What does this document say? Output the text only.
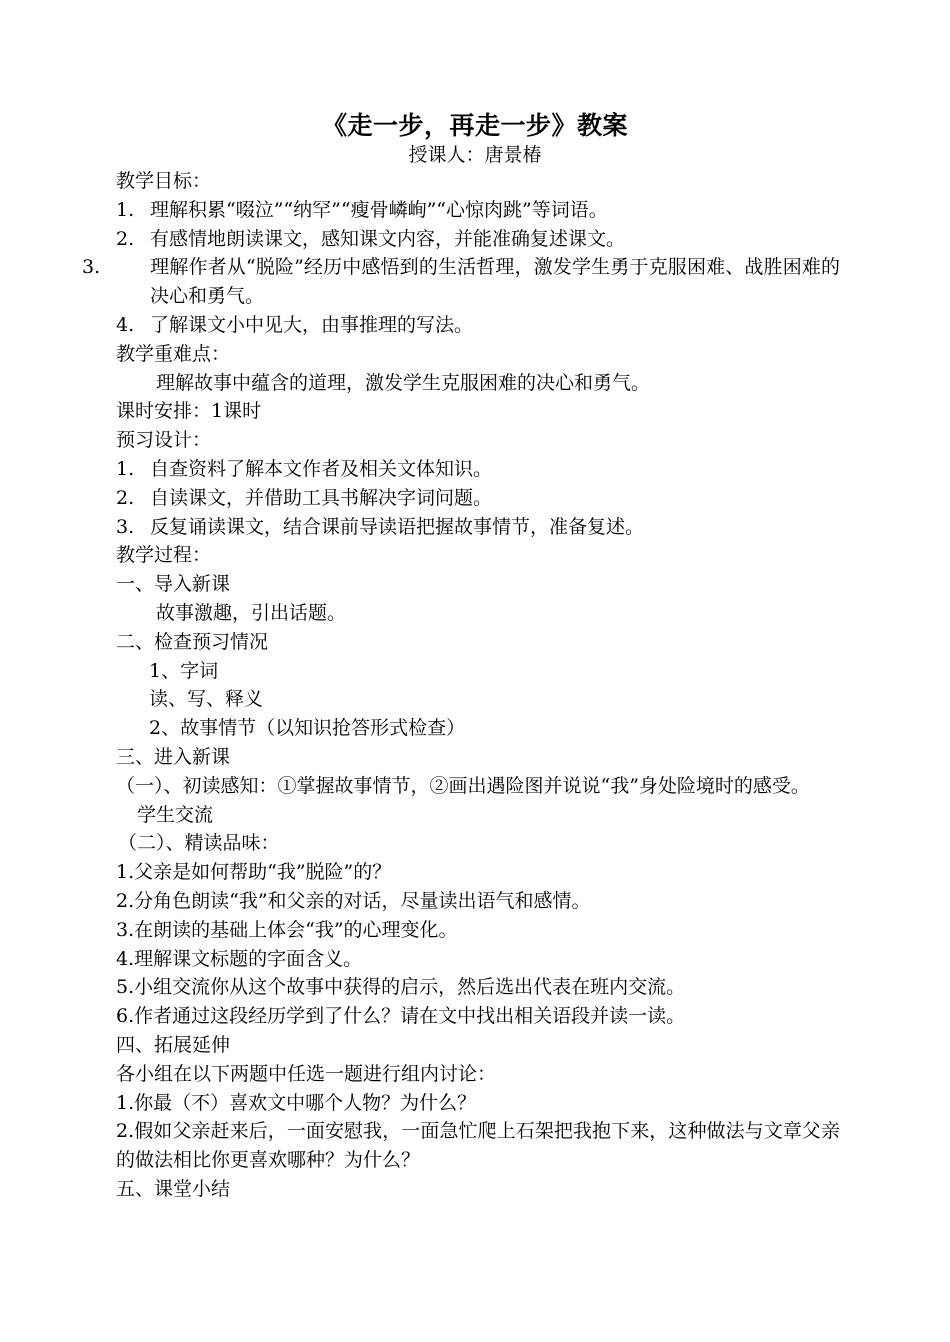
《走一步，再走一步》教案
授课人：唐景椿
教学目标：
1. 理解积累“啜泣”“纳罕”“瘦骨嶙峋”“心惊肉跳”等词语。
2. 有感情地朗读课文，感知课文内容，并能准确复述课文。
3.	理解作者从“脱险”经历中感悟到的生活哲理，激发学生勇于克服困难、战胜困难的决心和勇气。
4. 了解课文小中见大，由事推理的写法。
教学重难点：
理解故事中蕴含的道理，激发学生克服困难的决心和勇气。
课时安排：1课时
预习设计：
1. 自查资料了解本文作者及相关文体知识。
2. 自读课文，并借助工具书解决字词问题。
3. 反复诵读课文，结合课前导读语把握故事情节，准备复述。
教学过程：
一、导入新课
故事激趣，引出话题。
二、检查预习情况
1、字词
读、写、释义
2、故事情节（以知识抢答形式检查）
三、进入新课
（一）、初读感知：①掌握故事情节，②画出遇险图并说说“我”身处险境时的感受。
学生交流
（二）、精读品味：
1.父亲是如何帮助“我”脱险”的？
2.分角色朗读“我”和父亲的对话，尽量读出语气和感情。
3.在朗读的基础上体会“我”的心理变化。
4.理解课文标题的字面含义。
5.小组交流你从这个故事中获得的启示，然后选出代表在班内交流。
6.作者通过这段经历学到了什么？请在文中找出相关语段并读一读。
四、拓展延伸
各小组在以下两题中任选一题进行组内讨论：
1.你最（不）喜欢文中哪个人物？为什么？
2.假如父亲赶来后，一面安慰我，一面急忙爬上石架把我抱下来，这种做法与文章父亲的做法相比你更喜欢哪种？为什么？
五、课堂小结
